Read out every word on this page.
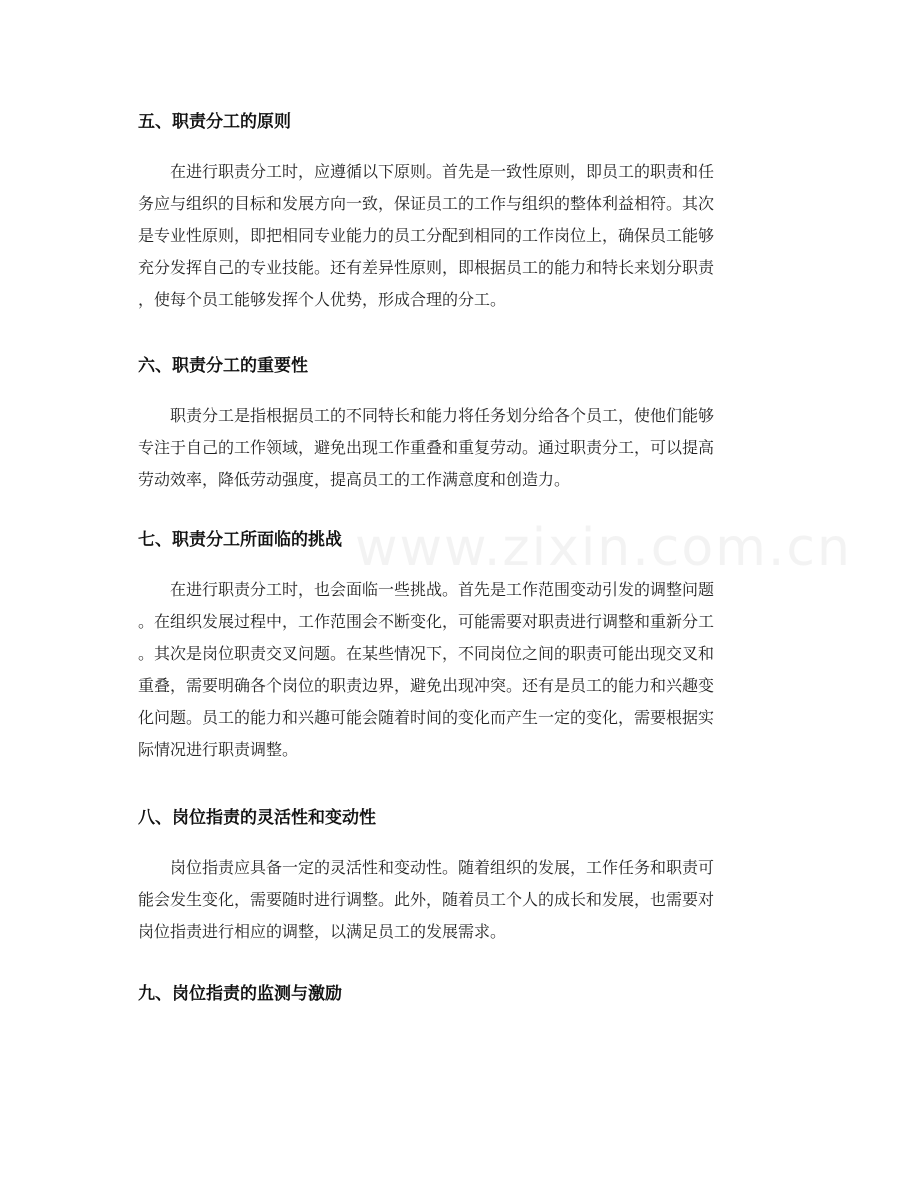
www.zixin.com.cn
五、职责分工的原则
在进行职责分工时，应遵循以下原则。首先是一致性原则，即员工的职责和任
务应与组织的目标和发展方向一致，保证员工的工作与组织的整体利益相符。其次
是专业性原则，即把相同专业能力的员工分配到相同的工作岗位上，确保员工能够
充分发挥自己的专业技能。还有差异性原则，即根据员工的能力和特长来划分职责
，使每个员工能够发挥个人优势，形成合理的分工。
六、职责分工的重要性
职责分工是指根据员工的不同特长和能力将任务划分给各个员工，使他们能够
专注于自己的工作领域，避免出现工作重叠和重复劳动。通过职责分工，可以提高
劳动效率，降低劳动强度，提高员工的工作满意度和创造力。
七、职责分工所面临的挑战
在进行职责分工时，也会面临一些挑战。首先是工作范围变动引发的调整问题
。在组织发展过程中，工作范围会不断变化，可能需要对职责进行调整和重新分工
。其次是岗位职责交叉问题。在某些情况下，不同岗位之间的职责可能出现交叉和
重叠，需要明确各个岗位的职责边界，避免出现冲突。还有是员工的能力和兴趣变
化问题。员工的能力和兴趣可能会随着时间的变化而产生一定的变化，需要根据实
际情况进行职责调整。
八、岗位指责的灵活性和变动性
岗位指责应具备一定的灵活性和变动性。随着组织的发展，工作任务和职责可
能会发生变化，需要随时进行调整。此外，随着员工个人的成长和发展，也需要对
岗位指责进行相应的调整，以满足员工的发展需求。
九、岗位指责的监测与激励
